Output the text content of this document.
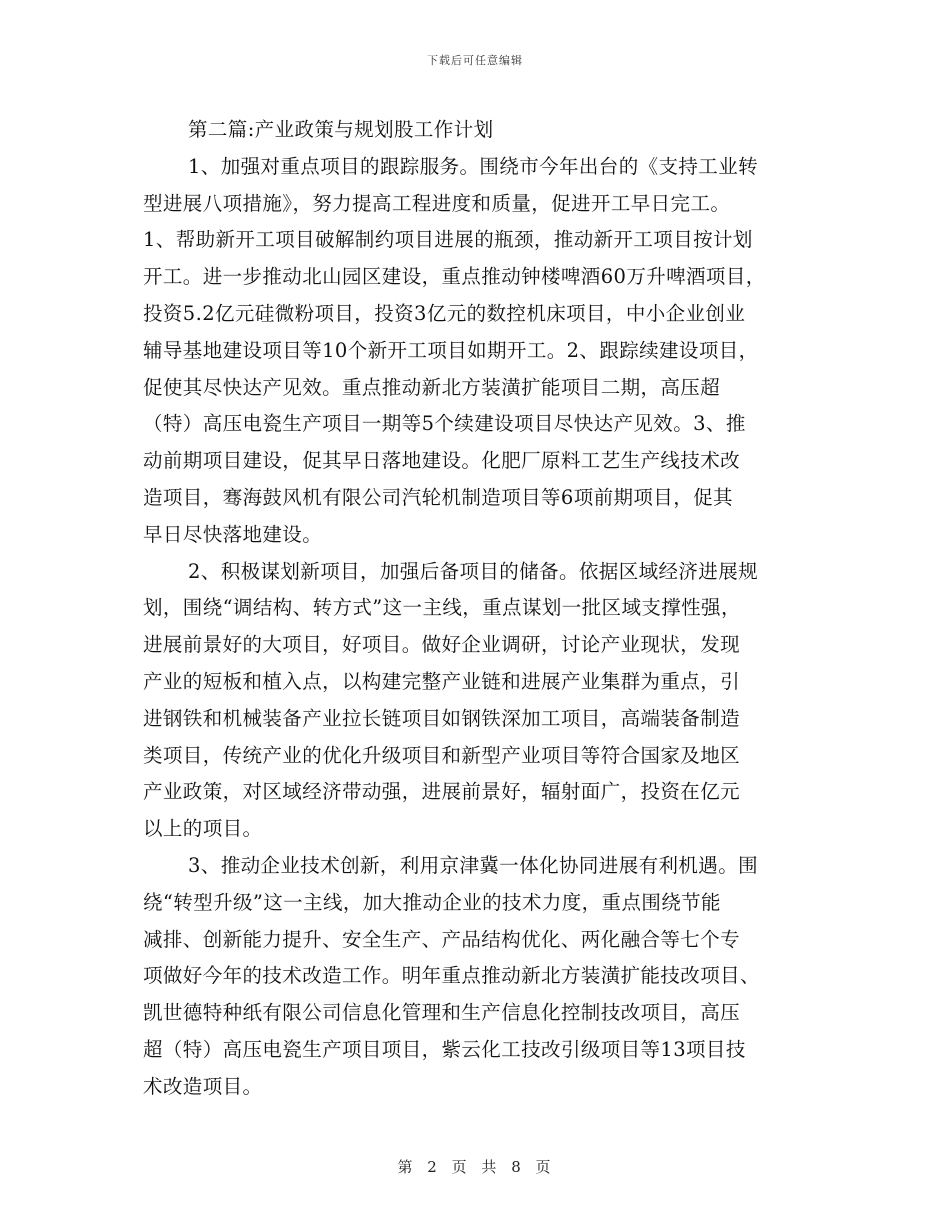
下载后可任意编辑
第二篇:产业政策与规划股工作计划
1、加强对重点项目的跟踪服务。围绕市今年出台的《支持工业转
型进展八项措施》，努力提高工程进度和质量，促进开工早日完工。
1、帮助新开工项目破解制约项目进展的瓶颈，推动新开工项目按计划
开工。进一步推动北山园区建设，重点推动钟楼啤酒60万升啤酒项目，
投资5.2亿元硅微粉项目，投资3亿元的数控机床项目，中小企业创业
辅导基地建设项目等10个新开工项目如期开工。2、跟踪续建设项目，
促使其尽快达产见效。重点推动新北方装潢扩能项目二期，高压超
（特）高压电瓷生产项目一期等5个续建设项目尽快达产见效。3、推
动前期项目建设，促其早日落地建设。化肥厂原料工艺生产线技术改
造项目，骞海鼓风机有限公司汽轮机制造项目等6项前期项目，促其
早日尽快落地建设。
2、积极谋划新项目，加强后备项目的储备。依据区域经济进展规
划，围绕“调结构、转方式”这一主线，重点谋划一批区域支撑性强，
进展前景好的大项目，好项目。做好企业调研，讨论产业现状，发现
产业的短板和植入点，以构建完整产业链和进展产业集群为重点，引
进钢铁和机械装备产业拉长链项目如钢铁深加工项目，高端装备制造
类项目，传统产业的优化升级项目和新型产业项目等符合国家及地区
产业政策，对区域经济带动强，进展前景好，辐射面广，投资在亿元
以上的项目。
3、推动企业技术创新，利用京津冀一体化协同进展有利机遇。围
绕“转型升级”这一主线，加大推动企业的技术力度，重点围绕节能
减排、创新能力提升、安全生产、产品结构优化、两化融合等七个专
项做好今年的技术改造工作。明年重点推动新北方装潢扩能技改项目、
凯世德特种纸有限公司信息化管理和生产信息化控制技改项目，高压
超（特）高压电瓷生产项目项目，紫云化工技改引级项目等13项目技
术改造项目。
第 2 页 共 8 页
